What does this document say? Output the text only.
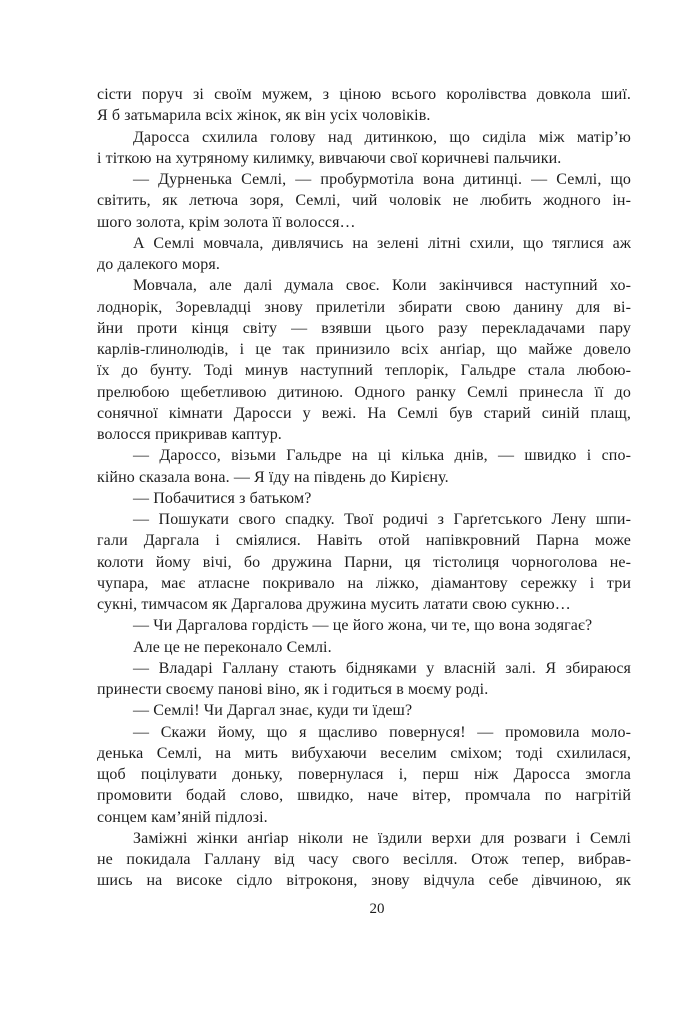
сісти поруч зі своїм мужем, з ціною всього королівства довкола шиї.
Я б затьмарила всіх жінок, як він усіх чоловіків.
Даросса схилила голову над дитинкою, що сиділа між матір’ю
і тіткою на хутряному килимку, вивчаючи свої коричневі пальчики.
— Дурненька Семлі, — пробурмотіла вона дитинці. — Семлі, що
світить, як летюча зоря, Семлі, чий чоловік не любить жодного ін-
шого золота, крім золота її волосся…
А Семлі мовчала, дивлячись на зелені літні схили, що тяглися аж
до далекого моря.
Мовчала, але далі думала своє. Коли закінчився наступний хо-
лоднорік, Зоревладці знову прилетіли збирати свою данину для ві-
йни проти кінця світу — взявши цього разу перекладачами пару
карлів-глинолюдів, і це так принизило всіх анґіар, що майже довело
їх до бунту. Тоді минув наступний теплорік, Гальдре стала любою-
прелюбою щебетливою дитиною. Одного ранку Семлі принесла її до
сонячної кімнати Даросси у вежі. На Семлі був старий синій плащ,
волосся прикривав каптур.
— Дароссо, візьми Гальдре на ці кілька днів, — швидко і спо-
кійно сказала вона. — Я їду на південь до Кирієну.
— Побачитися з батьком?
— Пошукати свого спадку. Твої родичі з Гарґетського Лену шпи-
гали Даргала і сміялися. Навіть отой напівкровний Парна може
колоти йому вічі, бо дружина Парни, ця тістолиця чорноголова не-
чупара, має атласне покривало на ліжко, діамантову сережку і три
сукні, тимчасом як Даргалова дружина мусить латати свою сукню…
— Чи Даргалова гордість — це його жона, чи те, що вона зодягає?
Але це не переконало Семлі.
— Владарі Галлану стають бідняками у власній залі. Я збираюся
принести своєму панові віно, як і годиться в моєму роді.
— Семлі! Чи Даргал знає, куди ти їдеш?
— Скажи йому, що я щасливо повернуся! — промовила моло-
денька Семлі, на мить вибухаючи веселим сміхом; тоді схилилася,
щоб поцілувати доньку, повернулася і, перш ніж Даросса змогла
промовити бодай слово, швидко, наче вітер, промчала по нагрітій
сонцем кам’яній підлозі.
Заміжні жінки анґіар ніколи не їздили верхи для розваги і Семлі
не покидала Галлану від часу свого весілля. Отож тепер, вибрав-
шись на високе сідло вітроконя, знову відчула себе дівчиною, як
20
